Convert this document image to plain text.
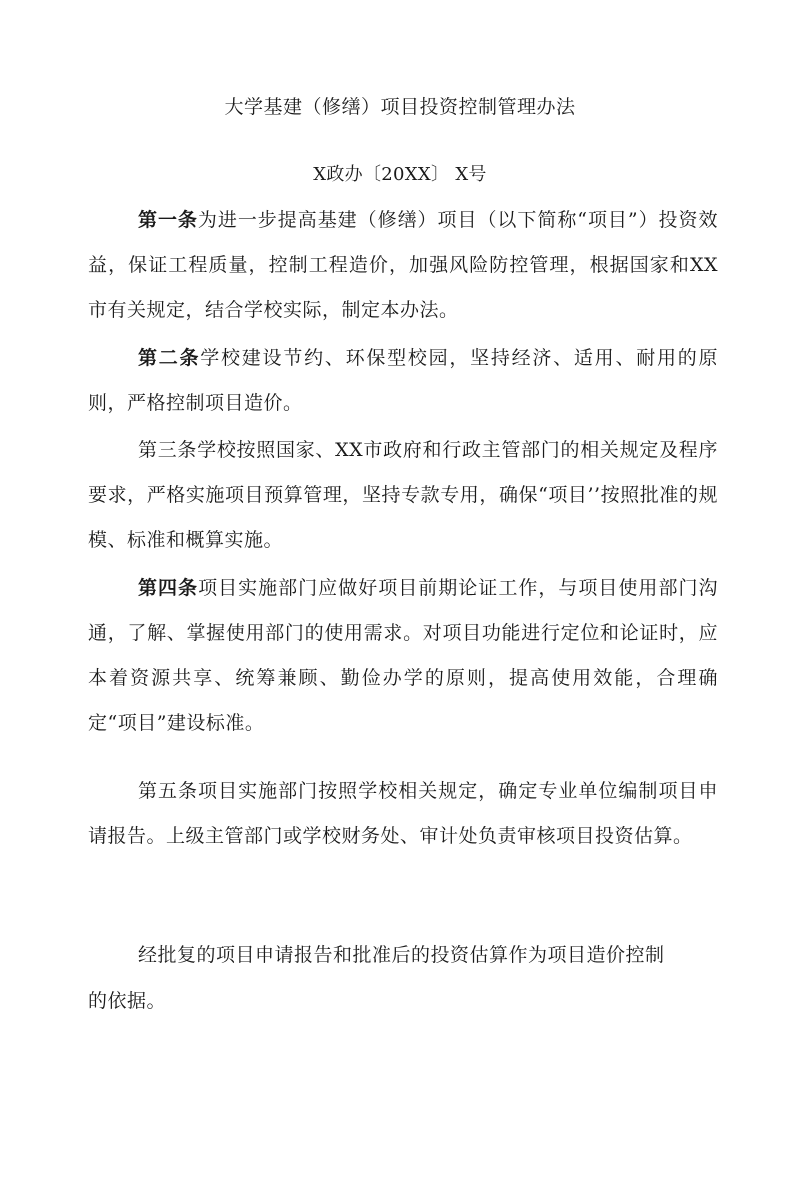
大学基建（修缮）项目投资控制管理办法
X政办〔20XX〕 X号

第一条为进一步提高基建（修缮）项目（以下简称“项目”）投资效益，保证工程质量，控制工程造价，加强风险防控管理，根据国家和XX市有关规定，结合学校实际，制定本办法。

第二条学校建设节约、环保型校园，坚持经济、适用、耐用的原则，严格控制项目造价。

第三条学校按照国家、XX市政府和行政主管部门的相关规定及程序要求，严格实施项目预算管理，坚持专款专用，确保“项目’’按照批准的规模、标准和概算实施。

第四条项目实施部门应做好项目前期论证工作，与项目使用部门沟通，了解、掌握使用部门的使用需求。对项目功能进行定位和论证时，应本着资源共享、统筹兼顾、勤俭办学的原则，提高使用效能，合理确定“项目”建设标准。

第五条项目实施部门按照学校相关规定，确定专业单位编制项目申请报告。上级主管部门或学校财务处、审计处负责审核项目投资估算。

经批复的项目申请报告和批准后的投资估算作为项目造价控制
的依据。
